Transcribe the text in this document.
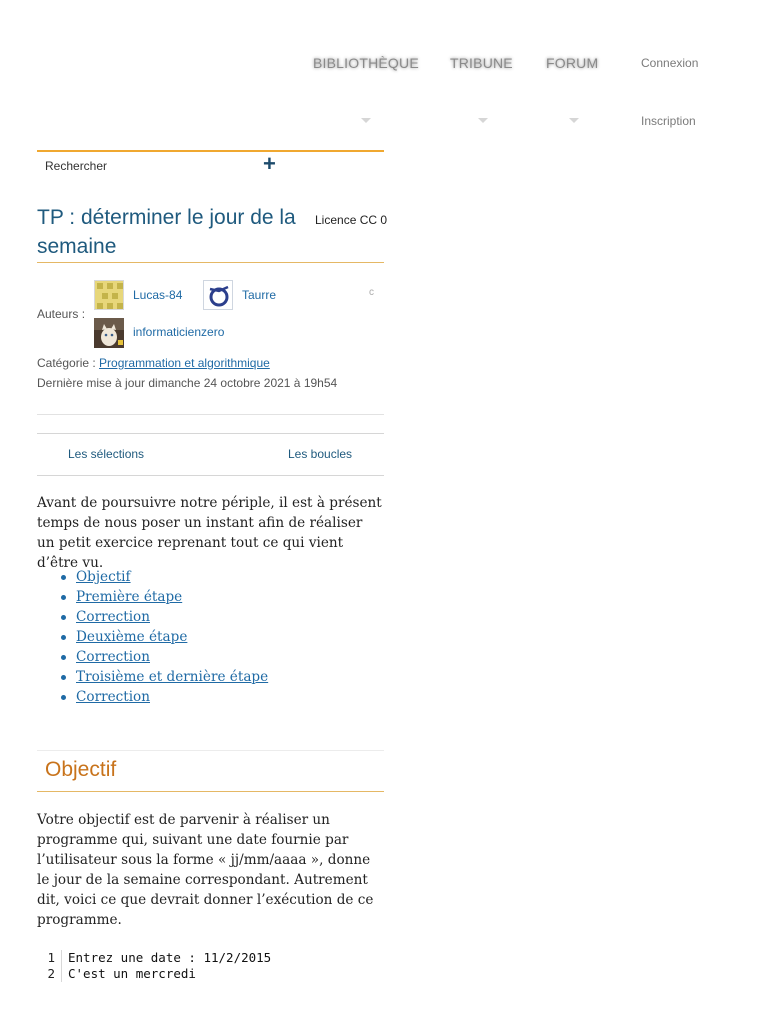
BIBLIOTHÈQUE TRIBUNE FORUM	Connexion
Inscription
Rechercher	+
TP : déterminer le jour de la semaine
Licence CC 0
Auteurs :
Lucas-84	Taurre	c
informaticienzero
Catégorie : Programmation et algorithmique
Dernière mise à jour dimanche 24 octobre 2021 à 19h54
Les sélections	Les boucles

Avant de poursuivre notre périple, il est à présent temps de nous poser un instant afin de réaliser un petit exercice reprenant tout ce qui vient d’être vu.

Objectif
Première étape
Correction
Deuxième étape
Correction
Troisième et dernière étape
Correction
Objectif

Votre objectif est de parvenir à réaliser un programme qui, suivant une date fournie par l’utilisateur sous la forme « jj/mm/aaaa », donne le jour de la semaine correspondant. Autrement dit, voici ce que devrait donner l’exécution de ce programme.

1	Entrez une date : 11/2/2015
2	C'est un mercredi
